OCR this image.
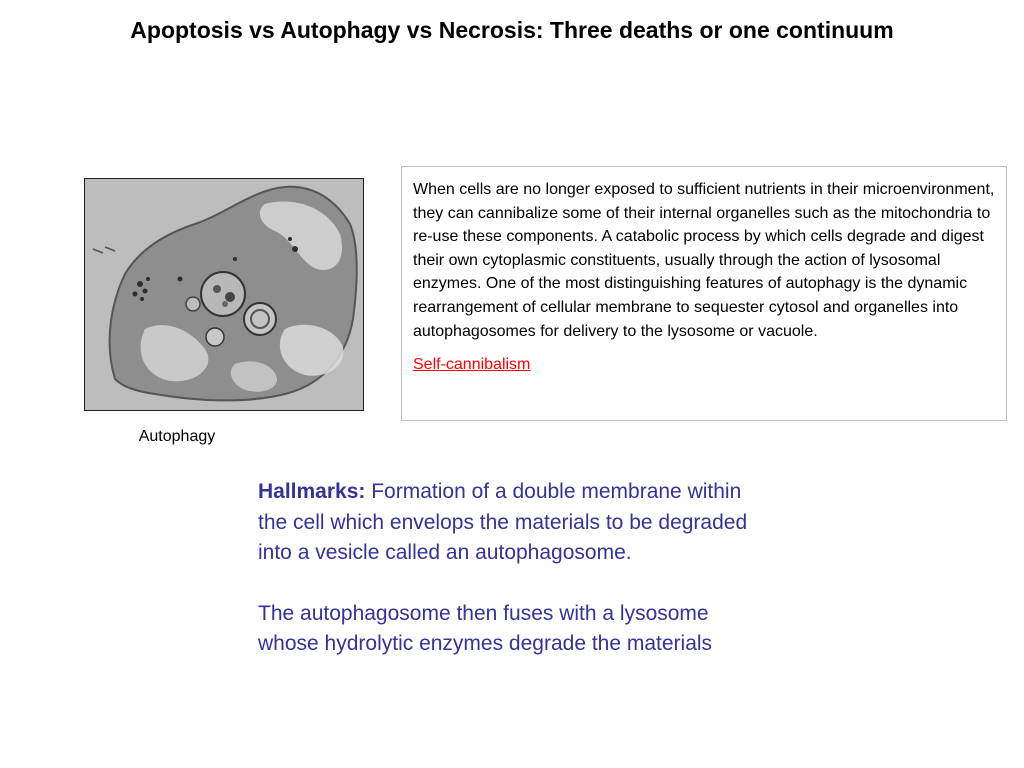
Apoptosis vs Autophagy vs Necrosis: Three deaths or one continuum
Autophagy

When cells are no longer exposed to sufficient nutrients in their microenvironment, they can cannibalize some of their internal organelles such as the mitochondria to re-use these components. A catabolic process by which cells degrade and digest their own cytoplasmic constituents, usually through the action of lysosomal enzymes. One of the most distinguishing features of autophagy is the dynamic rearrangement of cellular membrane to sequester cytosol and organelles into autophagosomes for delivery to the lysosome or vacuole.

Self-cannibalism

Hallmarks: Formation of a double membrane within the cell which envelops the materials to be degraded into a vesicle called an autophagosome.

The autophagosome then fuses with a lysosome whose hydrolytic enzymes degrade the materials
